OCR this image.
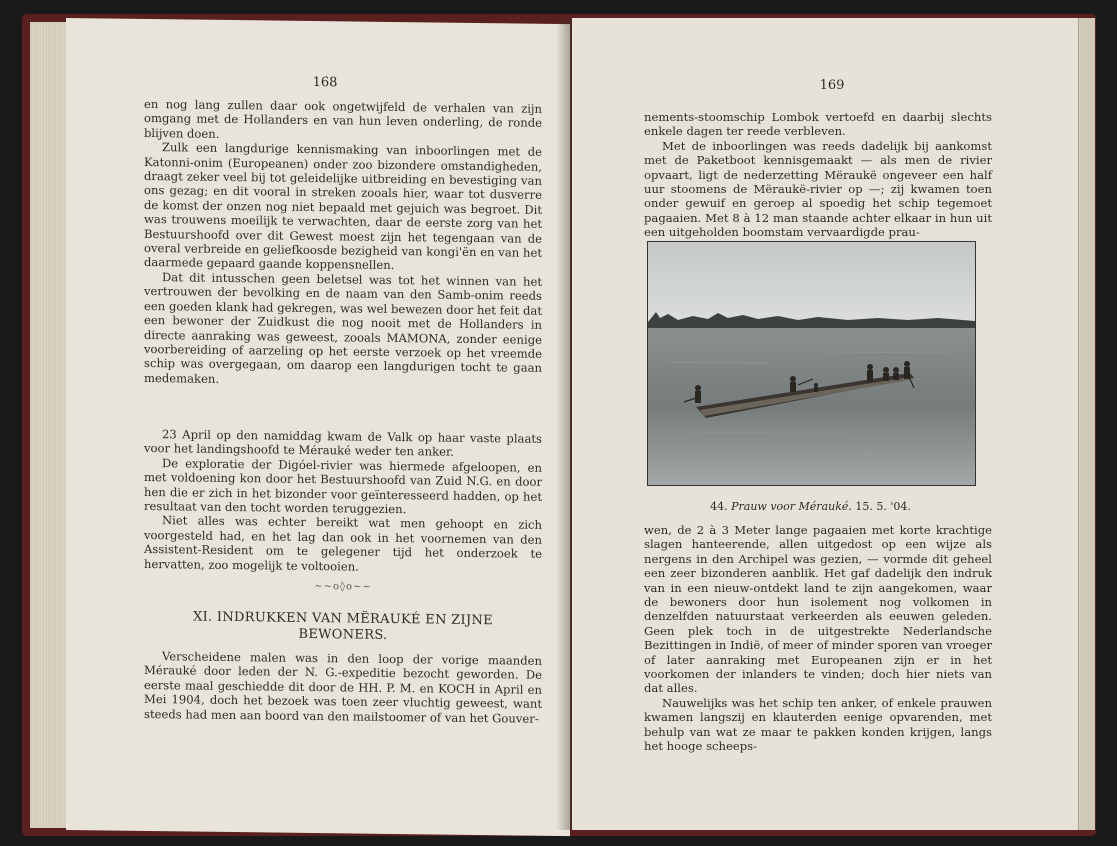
168

en nog lang zullen daar ook ongetwijfeld de verhalen van zijn omgang met de Hollanders en van hun leven onderling, de ronde blijven doen.

Zulk een langdurige kennismaking van inboorlingen met de Katonni-onim (Europeanen) onder zoo bizondere omstandigheden, draagt zeker veel bij tot geleidelijke uitbreiding en bevestiging van ons gezag; en dit vooral in streken zooals hier, waar tot dusverre de komst der onzen nog niet bepaald met gejuich was begroet. Dit was trouwens moeilijk te verwachten, daar de eerste zorg van het Bestuurshoofd over dit Gewest moest zijn het tegengaan van de overal verbreide en geliefkoosde bezigheid van kongi'ën en van het daarmede gepaard gaande koppensnellen.

Dat dit intusschen geen beletsel was tot het winnen van het vertrouwen der bevolking en de naam van den Samb-onim reeds een goeden klank had gekregen, was wel bewezen door het feit dat een bewoner der Zuidkust die nog nooit met de Hollanders in directe aanraking was geweest, zooals MAMONA, zonder eenige voorbereiding of aarzeling op het eerste verzoek op het vreemde schip was overgegaan, om daarop een langdurigen tocht te gaan medemaken.

23 April op den namiddag kwam de Valk op haar vaste plaats voor het landingshoofd te Mérauké weder ten anker.

De exploratie der Digóel-rivier was hiermede afgeloopen, en met voldoening kon door het Bestuurshoofd van Zuid N.G. en door hen die er zich in het bizonder voor geïnteresseerd hadden, op het resultaat van den tocht worden teruggezien.

Niet alles was echter bereikt wat men gehoopt en zich voorgesteld had, en het lag dan ook in het voornemen van den Assistent-Resident om te gelegener tijd het onderzoek te hervatten, zoo mogelijk te voltooien.

~~o◊o~~

XI. INDRUKKEN VAN MËRAUKÉ EN ZIJNE

BEWONERS.

Verscheidene malen was in den loop der vorige maanden Mérauké door leden der N. G.-expeditie bezocht geworden. De eerste maal geschiedde dit door de HH. P. M. en KOCH in April en Mei 1904, doch het bezoek was toen zeer vluchtig geweest, want steeds had men aan boord van den mailstoomer of van het Gouver-

169

nements-stoomschip Lombok vertoefd en daarbij slechts enkele dagen ter reede verbleven.

Met de inboorlingen was reeds dadelijk bij aankomst met de Paketboot kennisgemaakt — als men de rivier opvaart, ligt de nederzetting Mëraukë ongeveer een half uur stoomens de Mëraukë-rivier op —; zij kwamen toen onder gewuif en geroep al spoedig het schip tegemoet pagaaien. Met 8 à 12 man staande achter elkaar in hun uit een uitgeholden boomstam vervaardigde prau-

44. Prauw voor Mérauké. 15. 5. '04.

wen, de 2 à 3 Meter lange pagaaien met korte krachtige slagen hanteerende, allen uitgedost op een wijze als nergens in den Archipel was gezien, — vormde dit geheel een zeer bizonderen aanblik. Het gaf dadelijk den indruk van in een nieuw-ontdekt land te zijn aangekomen, waar de bewoners door hun isolement nog volkomen in denzelfden natuurstaat verkeerden als eeuwen geleden. Geen plek toch in de uitgestrekte Nederlandsche Bezittingen in Indië, of meer of minder sporen van vroeger of later aanraking met Europeanen zijn er in het voorkomen der inlanders te vinden; doch hier niets van dat alles.

Nauwelijks was het schip ten anker, of enkele prauwen kwamen langszij en klauterden eenige opvarenden, met behulp van wat ze maar te pakken konden krijgen, langs het hooge scheeps-
